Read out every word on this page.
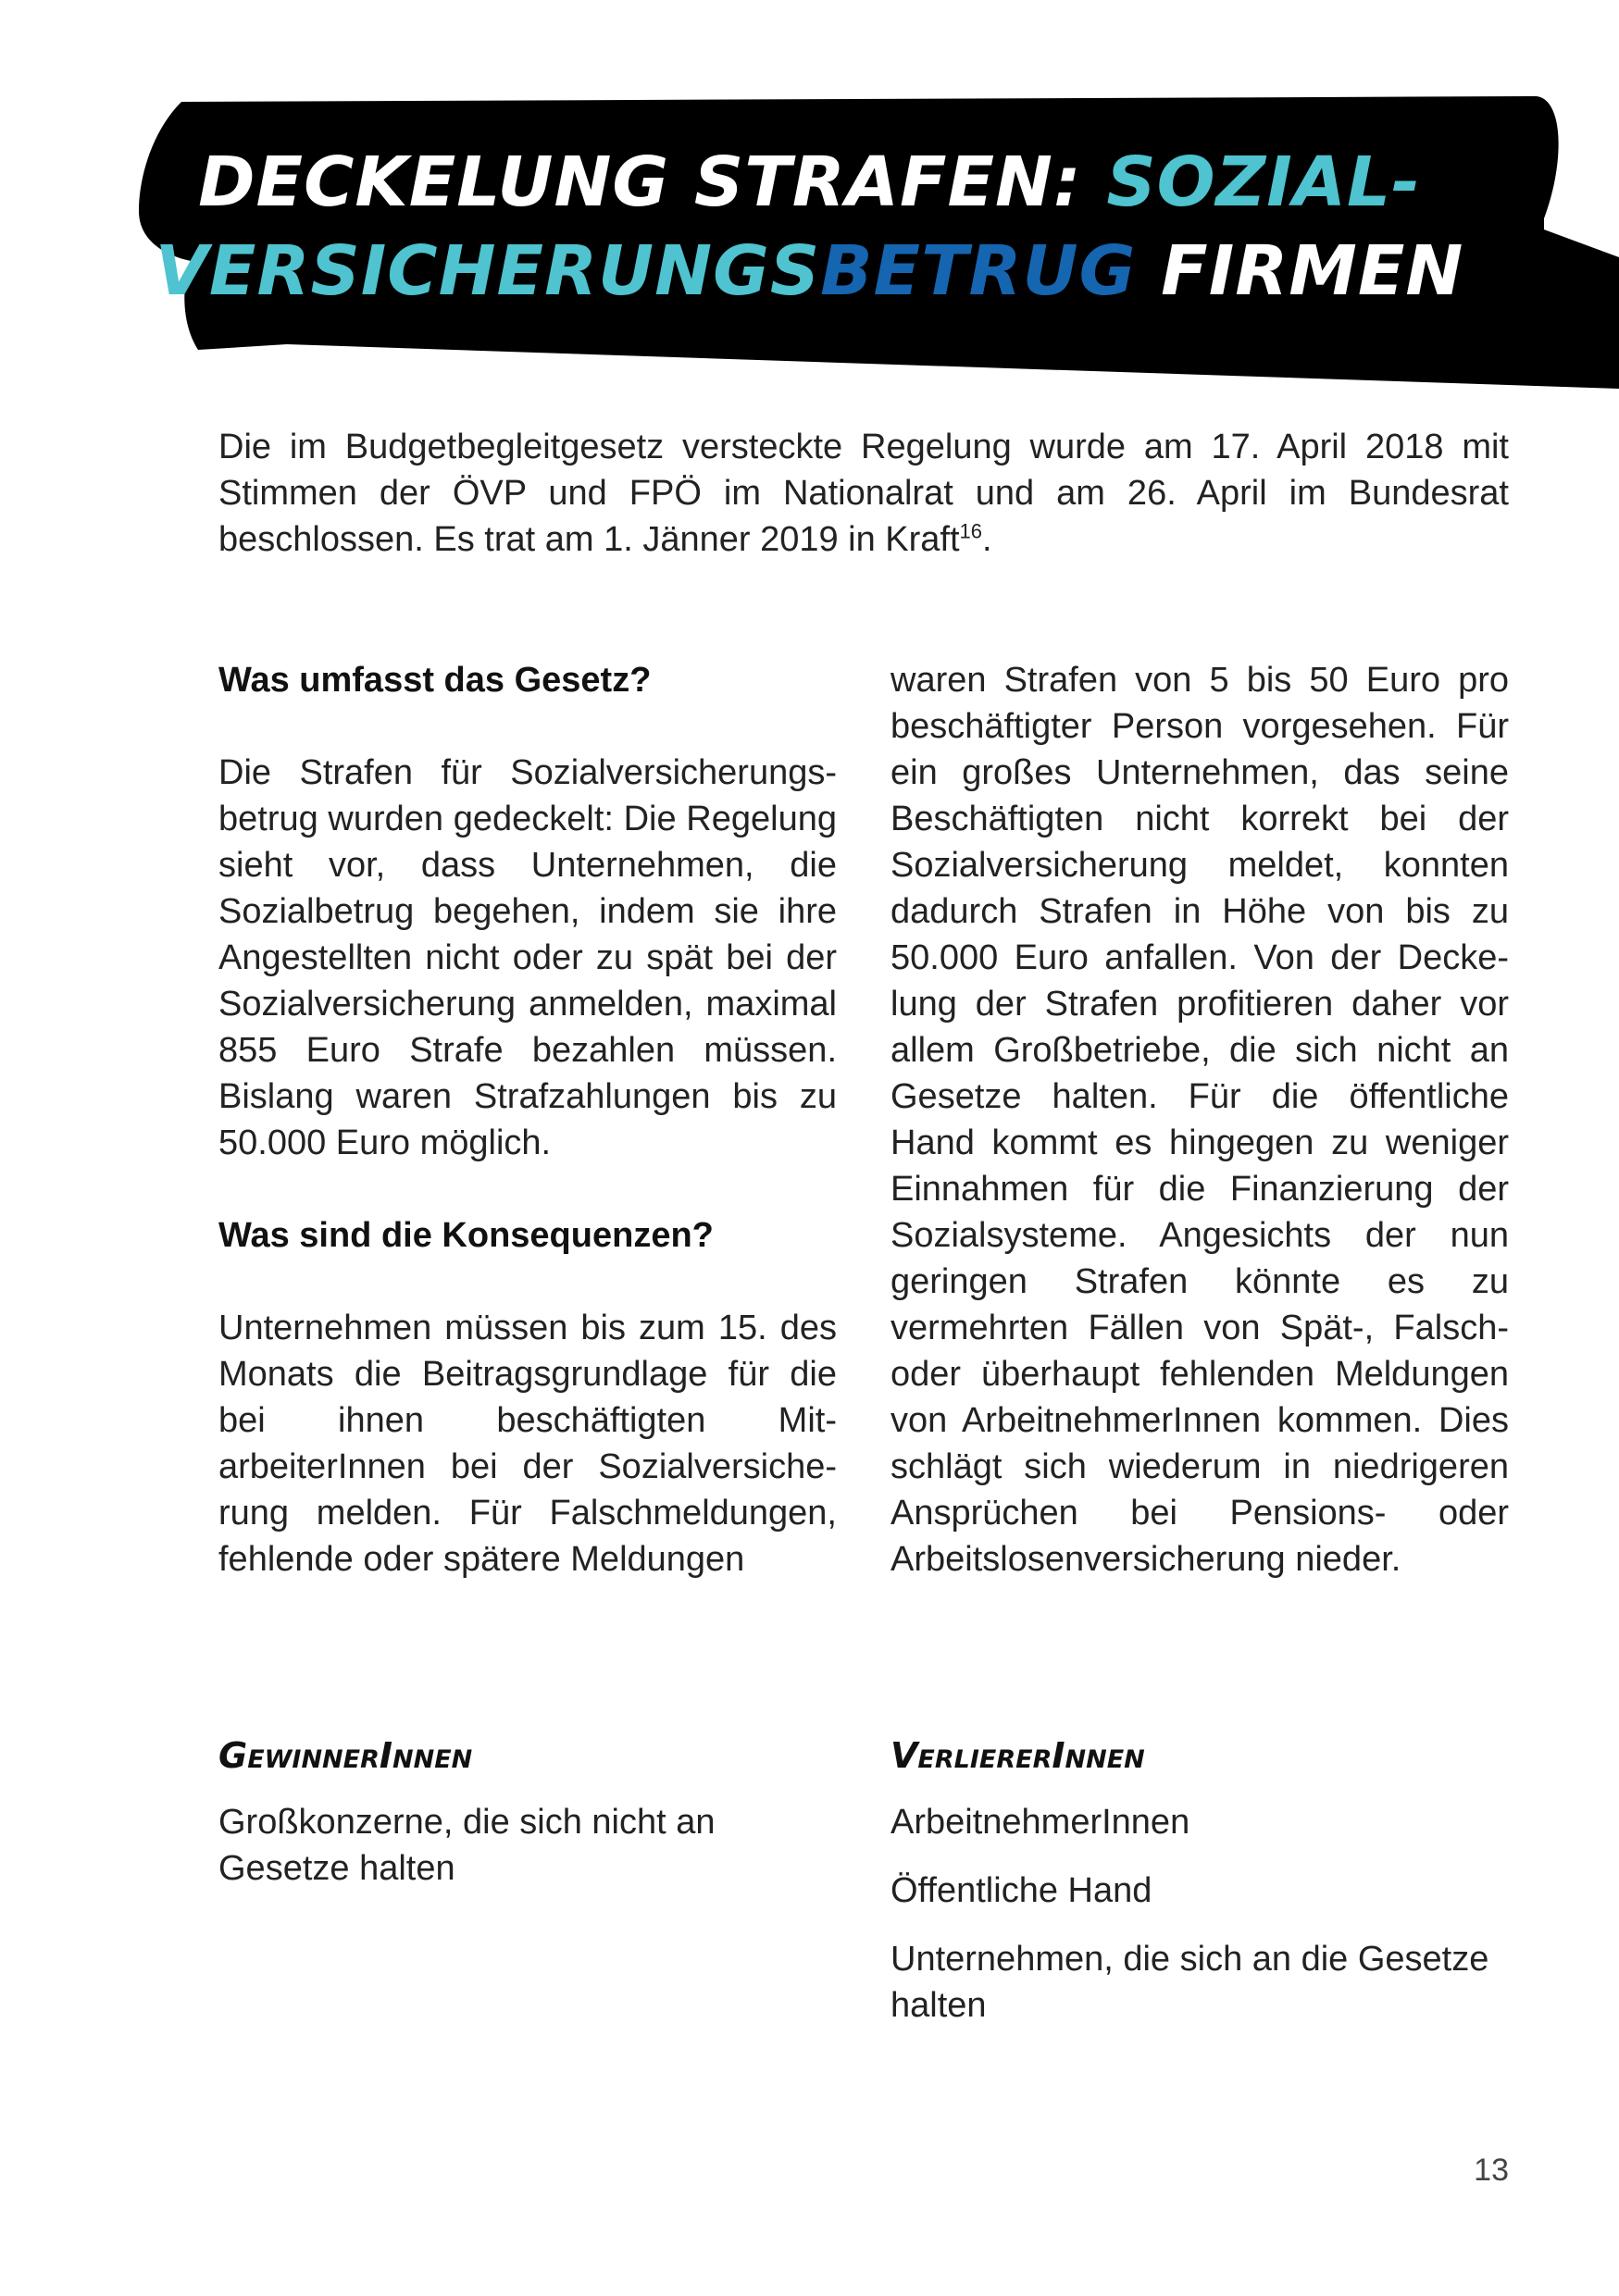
DECKELUNG STRAFEN: SOZIAL-
VERSICHERUNGSBETRUG FIRMEN

Die im Budgetbegleitgesetz versteckte Regelung wurde am 17. April 2018 mit Stimmen der ÖVP und FPÖ im Nationalrat und am 26. April im Bundesrat beschlossen. Es trat am 1. Jänner 2019 in Kraft$^{16}$.

Was umfasst das Gesetz?

Die Strafen für Sozialversicherungsbetrug wurden gedeckelt: Die Regelung sieht vor, dass Unternehmen, die Sozialbetrug begehen, indem sie ihre Angestellten nicht oder zu spät bei der Sozialversicherung anmelden, maximal 855 Euro Strafe bezahlen müssen. Bislang waren Strafzahlungen bis zu 50.000 Euro möglich.

Was sind die Konsequenzen?

Unternehmen müssen bis zum 15. des Monats die Beitragsgrundlage für die bei ihnen beschäftigten MitarbeiterInnen bei der Sozialversicherung melden. Für Falschmeldungen, fehlende oder spätere Meldungen

waren Strafen von 5 bis 50 Euro pro beschäftigter Person vorgesehen. Für ein großes Unternehmen, das seine Beschäftigten nicht korrekt bei der Sozialversicherung meldet, konnten dadurch Strafen in Höhe von bis zu 50.000 Euro anfallen. Von der Deckelung der Strafen profitieren daher vor allem Großbetriebe, die sich nicht an Gesetze halten. Für die öffentliche Hand kommt es hingegen zu weniger Einnahmen für die Finanzierung der Sozialsysteme. Angesichts der nun geringen Strafen könnte es zu vermehrten Fällen von Spät-, Falsch- oder überhaupt fehlenden Meldungen von ArbeitnehmerInnen kommen. Dies schlägt sich wiederum in niedrigeren Ansprüchen bei Pensions- oder Arbeitslosenversicherung nieder.

GewinnerInnen
Großkonzerne, die sich nicht an Gesetze halten
VerliererInnen
ArbeitnehmerInnen
Öffentliche Hand
Unternehmen, die sich an die Gesetze halten
13
